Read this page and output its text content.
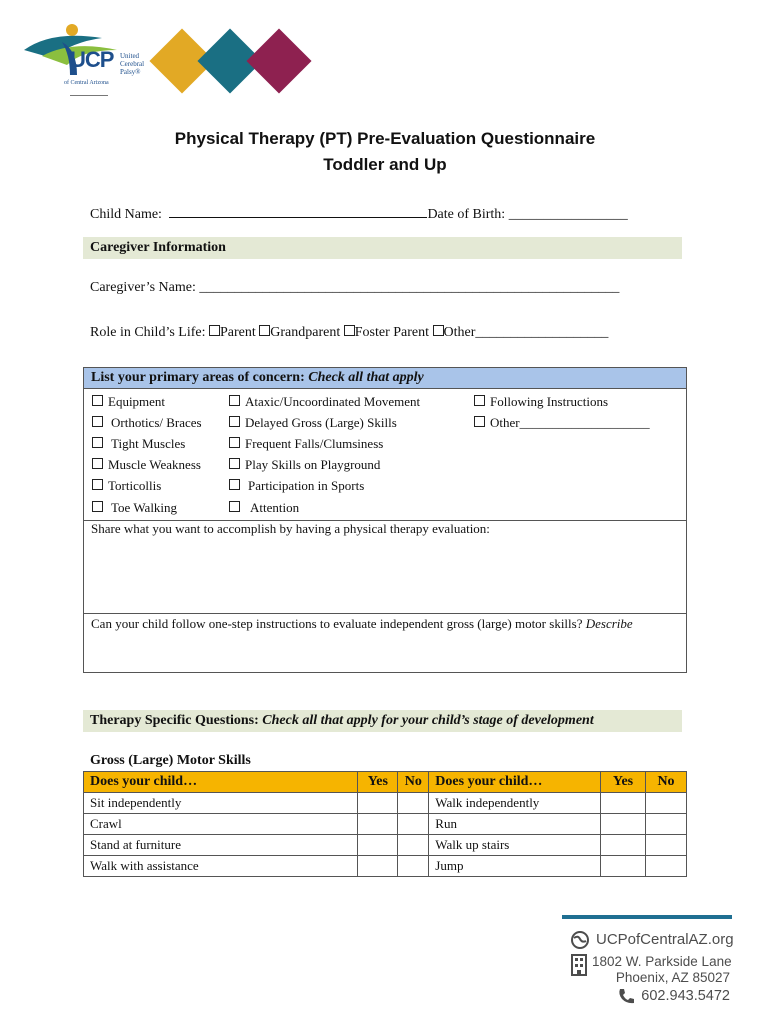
UCP United
Cerebral
Palsy®
of Central Arizona
Physical Therapy (PT) Pre-Evaluation Questionnaire
Toddler and Up
Child Name:	Date of Birth: _________________
Caregiver Information
Caregiver’s Name: ____________________________________________________________
Role in Child’s Life: Parent Grandparent Foster Parent Other___________________
List your primary areas of concern: Check all that apply
Equipment
Orthotics/ Braces
Tight Muscles
Muscle Weakness
Torticollis
Toe Walking
Ataxic/Uncoordinated Movement
Delayed Gross (Large) Skills
Frequent Falls/Clumsiness
Play Skills on Playground
Participation in Sports
Attention
Following Instructions
Other____________________
Share what you want to accomplish by having a physical therapy evaluation:
Can your child follow one-step instructions to evaluate independent gross (large) motor skills? Describe
Therapy Specific Questions: Check all that apply for your child’s stage of development
Gross (Large) Motor Skills
Does your child…	Yes	No	Does your child…	Yes	No
Sit independently			Walk independently		
Crawl			Run		
Stand at furniture			Walk up stairs		
Walk with assistance			Jump		
UCPofCentralAZ.org
1802 W. Parkside Lane
Phoenix, AZ 85027
602.943.5472
